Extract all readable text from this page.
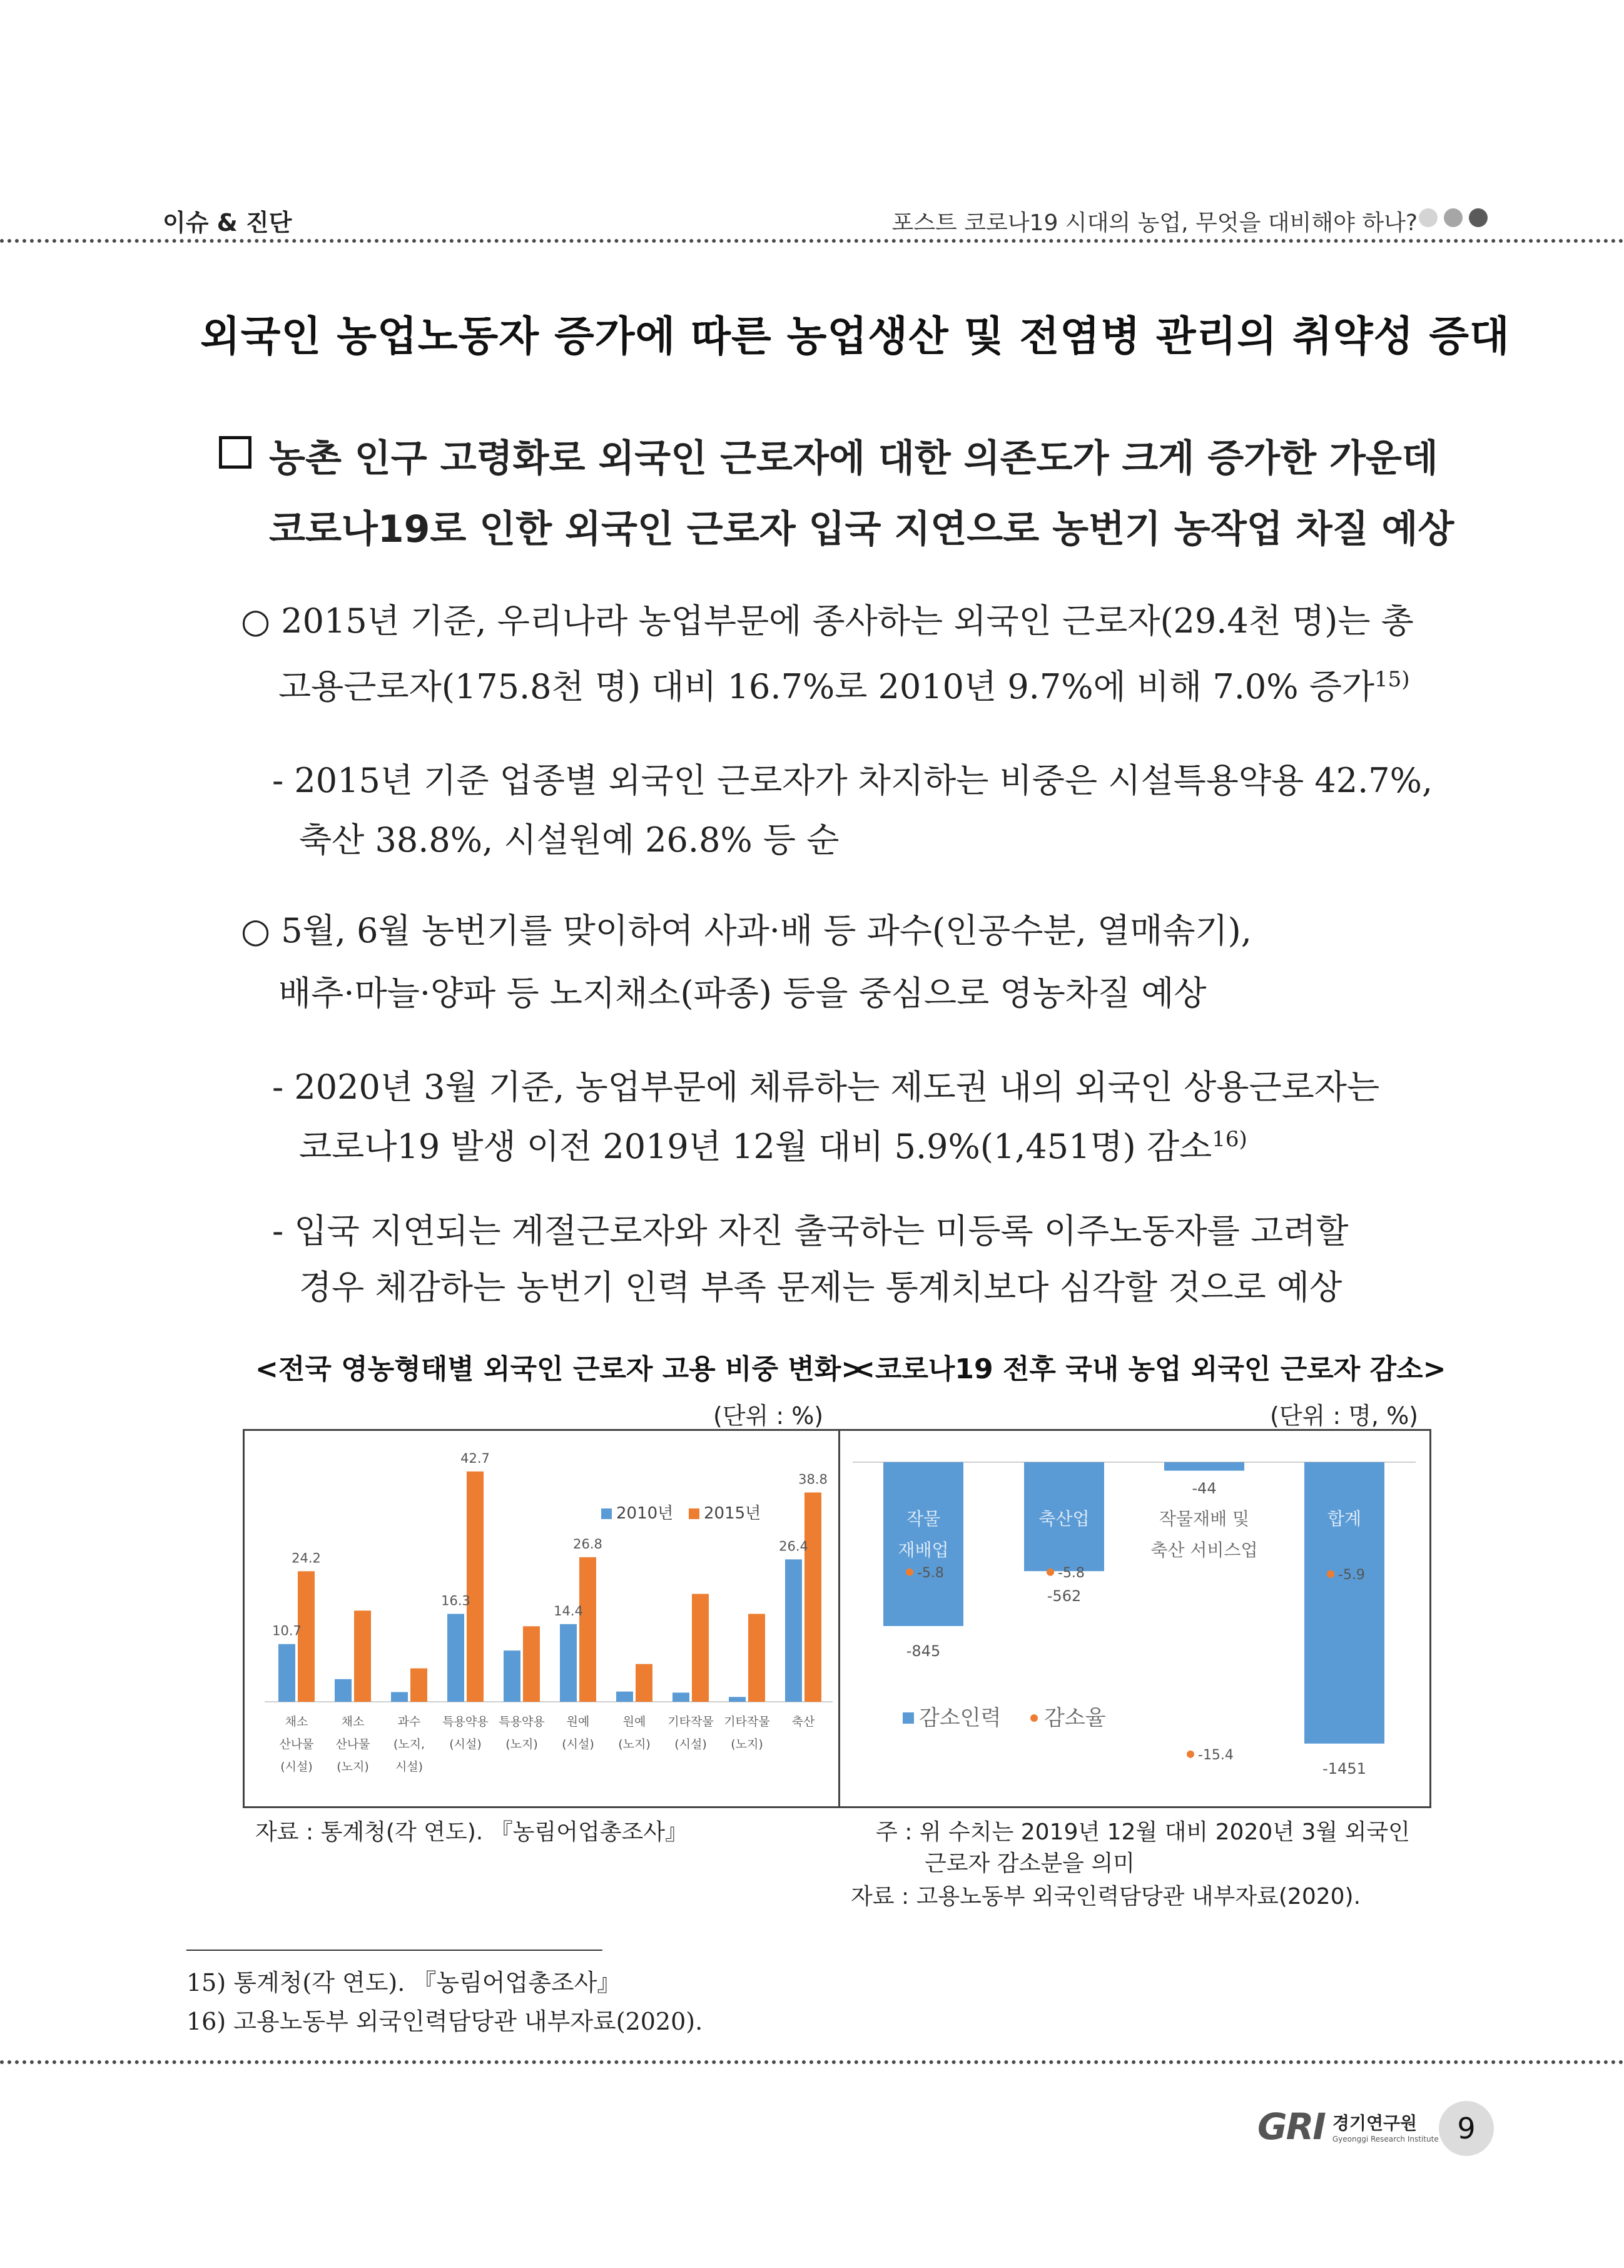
이슈 & 진단	포스트 코로나19 시대의 농업, 무엇을 대비해야 하나?
외국인 농업노동자 증가에 따른 농업생산 및 전염병 관리의 취약성 증대
농촌 인구 고령화로 외국인 근로자에 대한 의존도가 크게 증가한 가운데
코로나19로 인한 외국인 근로자 입국 지연으로 농번기 농작업 차질 예상
○ 2015년 기준, 우리나라 농업부문에 종사하는 외국인 근로자(29.4천 명)는 총
고용근로자(175.8천 명) 대비 16.7%로 2010년 9.7%에 비해 7.0% 증가$^{15)}$
- 2015년 기준 업종별 외국인 근로자가 차지하는 비중은 시설특용약용 42.7%,
축산 38.8%, 시설원예 26.8% 등 순
○ 5월, 6월 농번기를 맞이하여 사과·배 등 과수(인공수분, 열매솎기),
배추·마늘·양파 등 노지채소(파종) 등을 중심으로 영농차질 예상
- 2020년 3월 기준, 농업부문에 체류하는 제도권 내의 외국인 상용근로자는
코로나19 발생 이전 2019년 12월 대비 5.9%(1,451명) 감소$^{16)}$
- 입국 지연되는 계절근로자와 자진 출국하는 미등록 이주노동자를 고려할
경우 체감하는 농번기 인력 부족 문제는 통계치보다 심각할 것으로 예상
<전국 영농형태별 외국인 근로자 고용 비중 변화>
<코로나19 전후 국내 농업 외국인 근로자 감소>
(단위 : %)	(단위 : 명, %)
채소
산나물
(시설)
채소
산나물
(노지)
과수
(노지,
시설)
특용약용
(시설)
특용약용
(노지)
원예
(시설)
원예
(노지)
기타작물
(시설)
기타작물
(노지)
축산
10.7
24.2
16.3
42.7
14.4
26.8	26.4
38.8
2010년 2015년	작물
재배업
-845
-5.8
축산업
-562
-5.8
작물재배 및
축산 서비스업
-44
-15.4
합계
-1451
-5.9
감소인력 감소율
자료 : 통계청(각 연도). 『농림어업총조사』	주 : 위 수치는 2019년 12월 대비 2020년 3월 외국인
근로자 감소분을 의미
자료 : 고용노동부 외국인력담당관 내부자료(2020).
15) 통계청(각 연도). 『농림어업총조사』
16) 고용노동부 외국인력담당관 내부자료(2020).
GRI 경기연구원
Gyeonggi Research Institute 9
